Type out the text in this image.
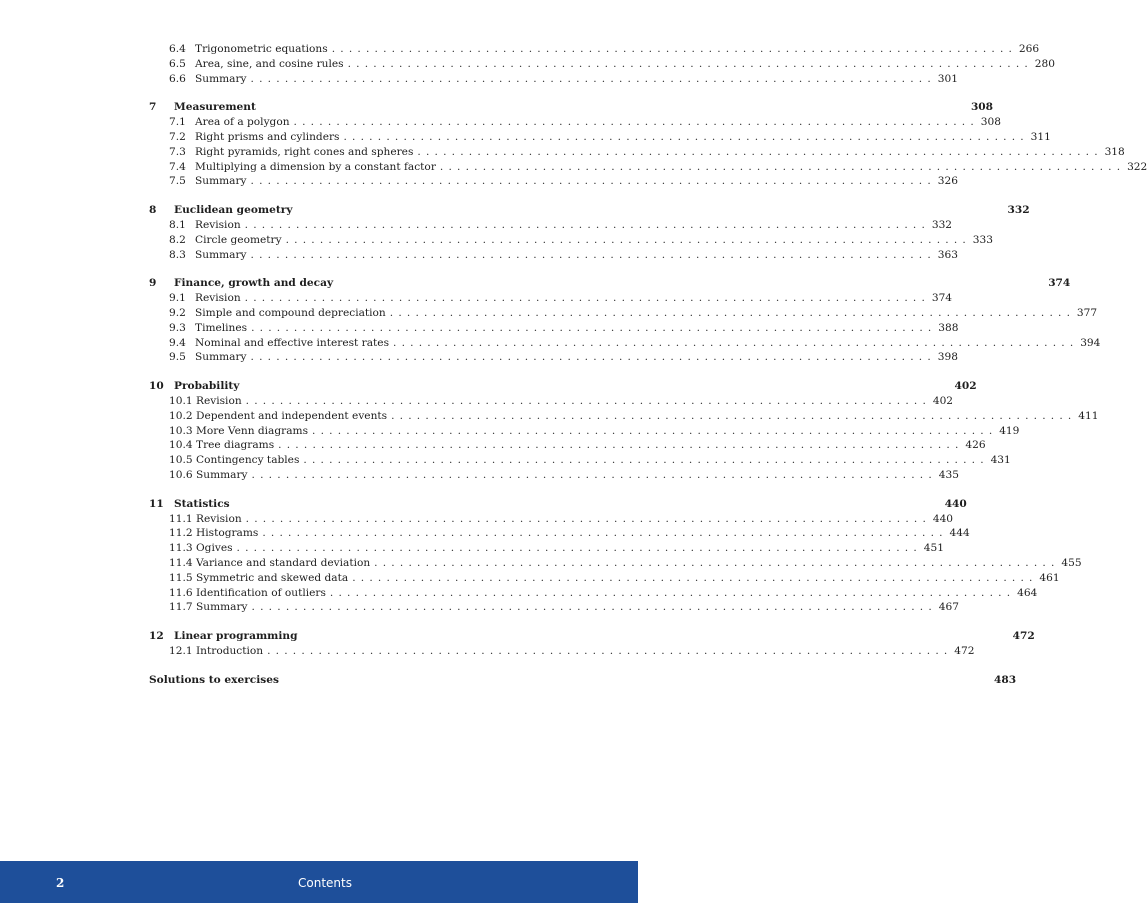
6.4 Trigonometric equations ................................................................................ 266
6.5 Area, sine, and cosine rules ................................................................................ 280
6.6 Summary ................................................................................ 301
7	Measurement	308
7.1 Area of a polygon ................................................................................ 308
7.2 Right prisms and cylinders ................................................................................ 311
7.3 Right pyramids, right cones and spheres ................................................................................ 318
7.4 Multiplying a dimension by a constant factor ................................................................................ 322
7.5 Summary ................................................................................ 326
8	Euclidean geometry	332
8.1 Revision ................................................................................ 332
8.2 Circle geometry ................................................................................ 333
8.3 Summary ................................................................................ 363
9	Finance, growth and decay	374
9.1 Revision ................................................................................ 374
9.2 Simple and compound depreciation ................................................................................ 377
9.3 Timelines ................................................................................ 388
9.4 Nominal and effective interest rates ................................................................................ 394
9.5 Summary ................................................................................ 398
10 Probability	402
10.1 Revision ................................................................................ 402
10.2 Dependent and independent events ................................................................................ 411
10.3 More Venn diagrams ................................................................................ 419
10.4 Tree diagrams ................................................................................ 426
10.5 Contingency tables ................................................................................ 431
10.6 Summary ................................................................................ 435
11 Statistics	440
11.1 Revision ................................................................................ 440
11.2 Histograms ................................................................................ 444
11.3 Ogives ................................................................................ 451
11.4 Variance and standard deviation ................................................................................ 455
11.5 Symmetric and skewed data ................................................................................ 461
11.6 Identification of outliers ................................................................................ 464
11.7 Summary ................................................................................ 467
12 Linear programming	472
12.1 Introduction ................................................................................ 472
Solutions to exercises	483
2	Contents
